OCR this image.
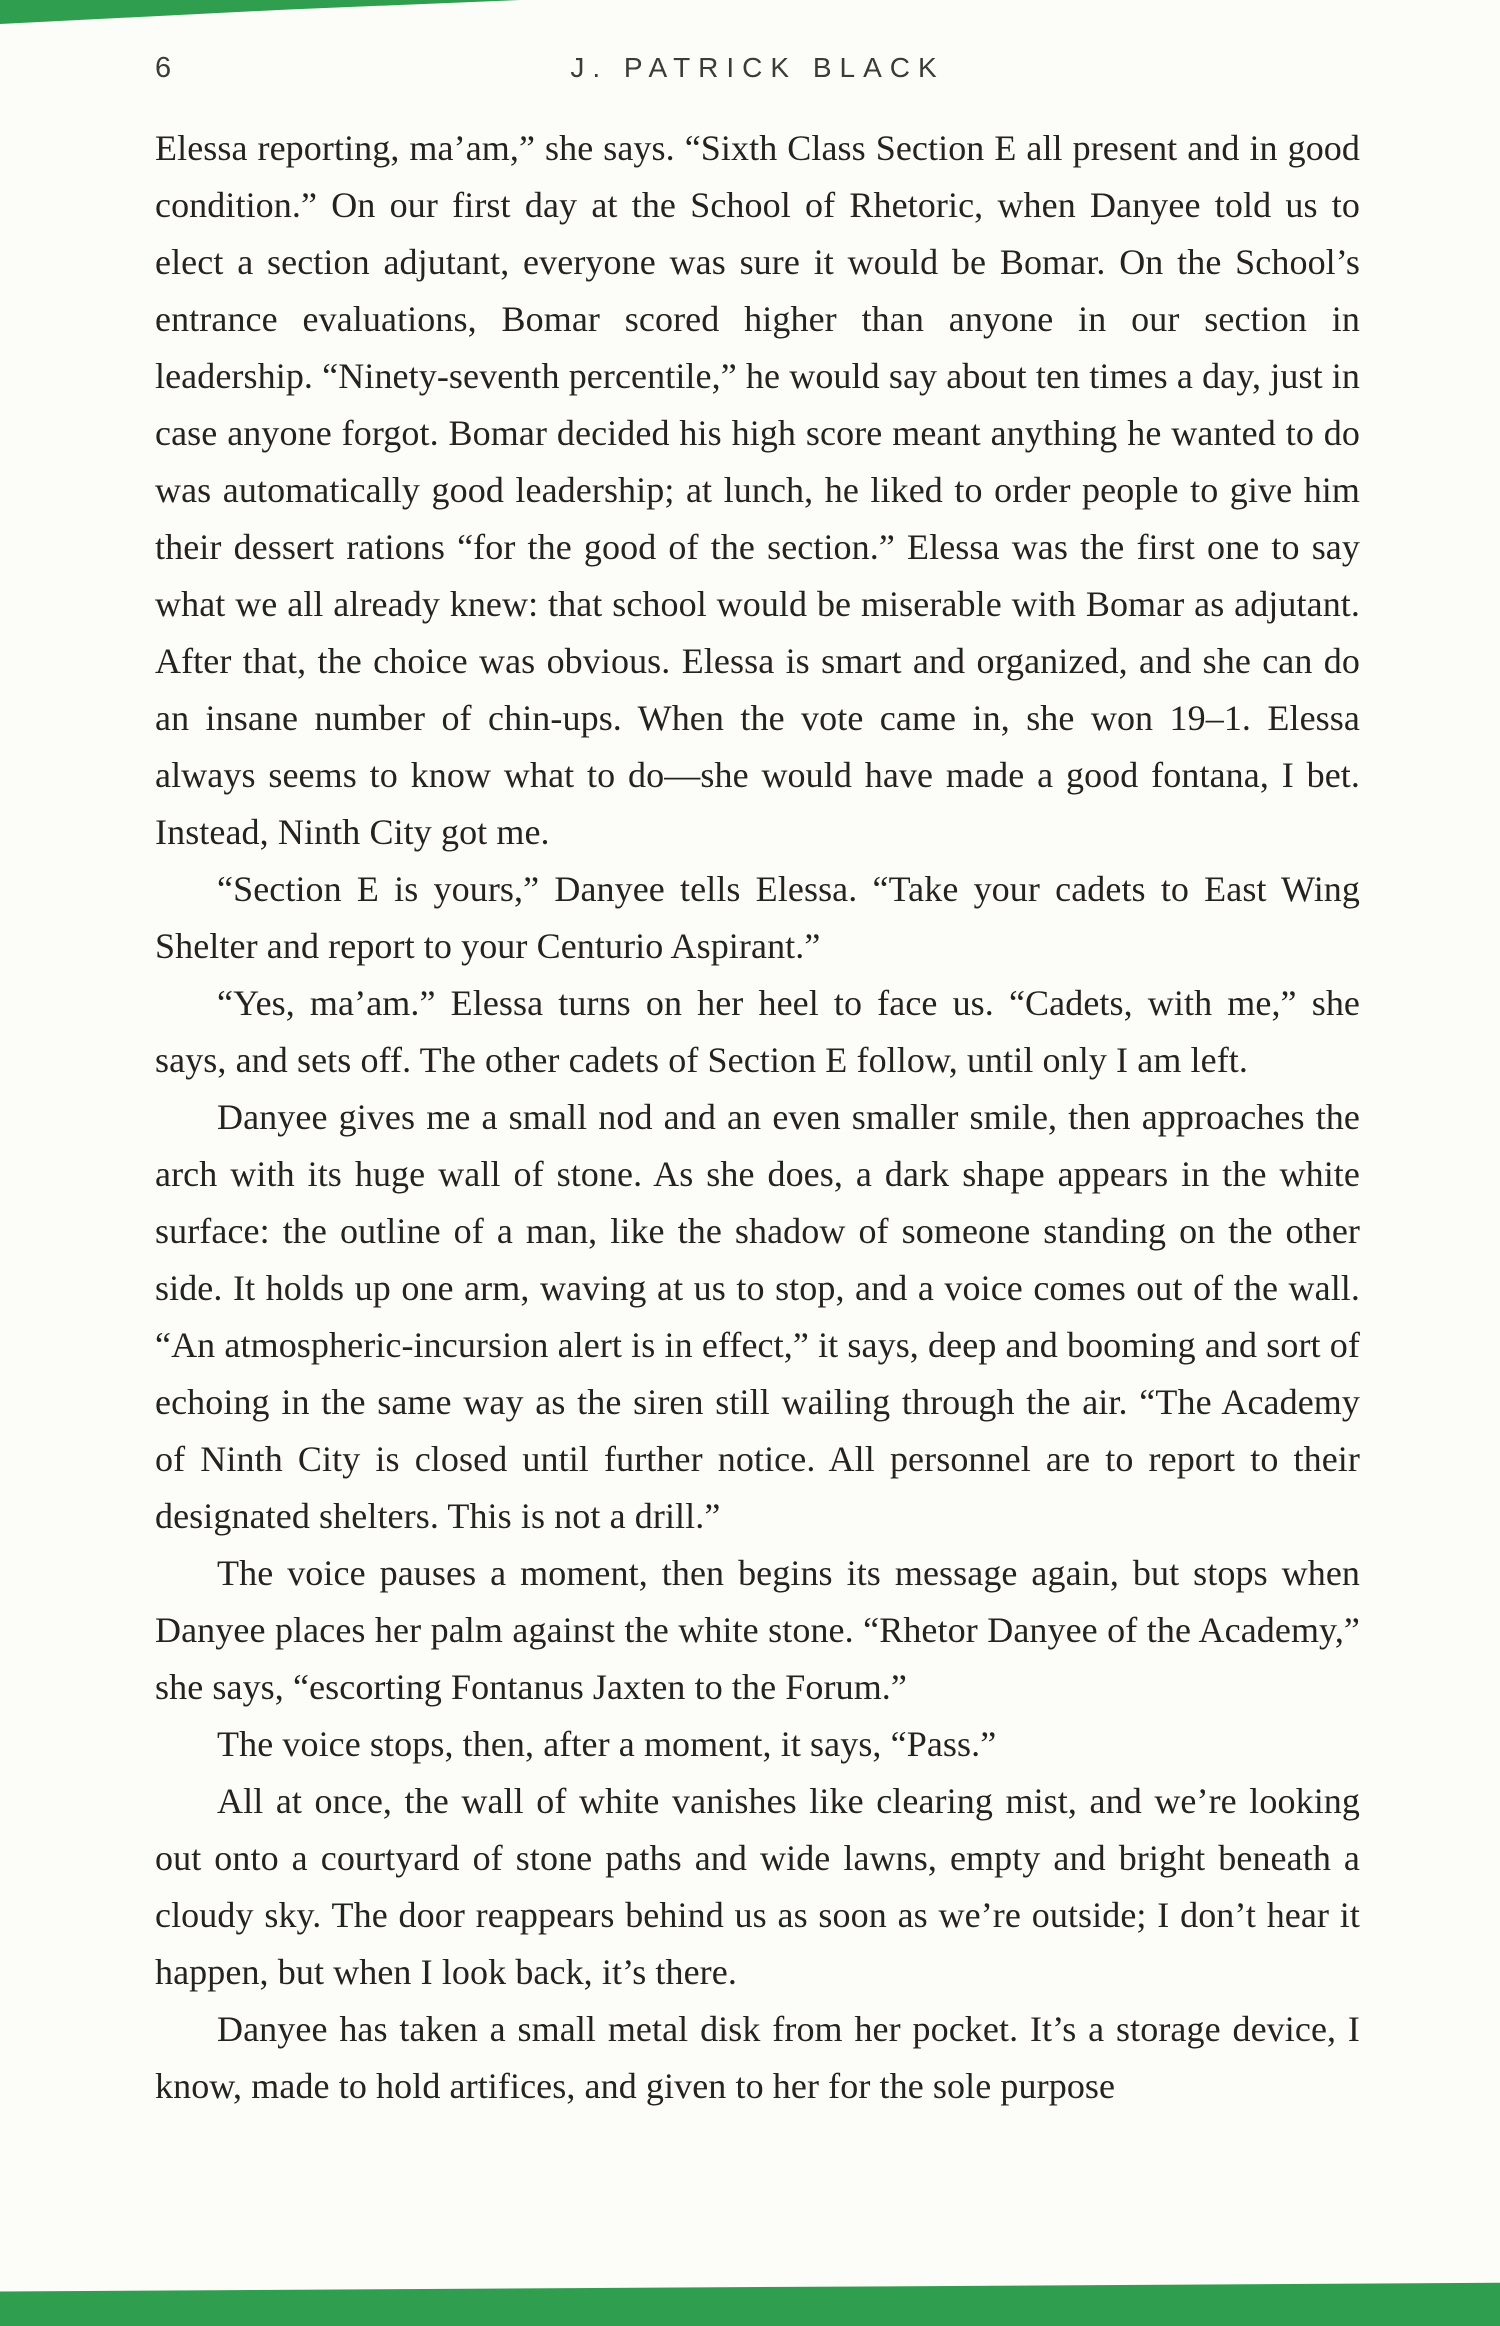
6	J. PATRICK BLACK

Elessa reporting, ma’am,” she says. “Sixth Class Section E all present and in good condition.” On our first day at the School of Rhetoric, when Danyee told us to elect a section adjutant, everyone was sure it would be Bomar. On the School’s entrance evaluations, Bomar scored higher than anyone in our section in leadership. “Ninety-seventh percentile,” he would say about ten times a day, just in case anyone forgot. Bomar decided his high score meant anything he wanted to do was automatically good leadership; at lunch, he liked to order people to give him their dessert rations “for the good of the section.” Elessa was the first one to say what we all already knew: that school would be miserable with Bomar as adjutant. After that, the choice was obvious. Elessa is smart and organized, and she can do an insane number of chin-ups. When the vote came in, she won 19–1. Elessa always seems to know what to do—she would have made a good fontana, I bet. Instead, Ninth City got me.

“Section E is yours,” Danyee tells Elessa. “Take your cadets to East Wing Shelter and report to your Centurio Aspirant.”

“Yes, ma’am.” Elessa turns on her heel to face us. “Cadets, with me,” she says, and sets off. The other cadets of Section E follow, until only I am left.

Danyee gives me a small nod and an even smaller smile, then approaches the arch with its huge wall of stone. As she does, a dark shape appears in the white surface: the outline of a man, like the shadow of someone standing on the other side. It holds up one arm, waving at us to stop, and a voice comes out of the wall. “An atmospheric-incursion alert is in effect,” it says, deep and booming and sort of echoing in the same way as the siren still wailing through the air. “The Academy of Ninth City is closed until further notice. All personnel are to report to their designated shelters. This is not a drill.”

The voice pauses a moment, then begins its message again, but stops when Danyee places her palm against the white stone. “Rhetor Danyee of the Academy,” she says, “escorting Fontanus Jaxten to the Forum.”

The voice stops, then, after a moment, it says, “Pass.”

All at once, the wall of white vanishes like clearing mist, and we’re looking out onto a courtyard of stone paths and wide lawns, empty and bright beneath a cloudy sky. The door reappears behind us as soon as we’re outside; I don’t hear it happen, but when I look back, it’s there.

Danyee has taken a small metal disk from her pocket. It’s a storage device, I know, made to hold artifices, and given to her for the sole purpose
